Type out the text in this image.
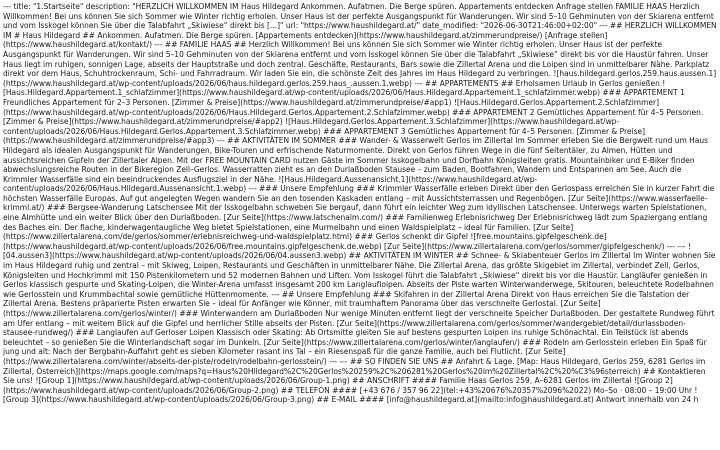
--- title: "1.Startseite" description: "HERZLICH WILLKOMMEN IM Haus Hildegard Ankommen. Aufatmen. Die Berge spüren. Appartements entdecken Anfrage stellen FAMILIE HAAS Herzlich Willkommen! Bei uns können Sie sich Sommer wie Winter richtig erholen. Unser Haus ist der perfekte Ausgangspunkt für Wanderungen. Wir sind 5–10 Gehminuten von der Skiarena entfernt und vom Isskogel können Sie über die Talabfahrt „Skiwiese“ direkt bis [...]" url: "https://www.haushildegard.at/" date_modified: "2026-06-30T21:46:00+02:00" --- ## HERZLICH WILLKOMMEN IM # Haus Hildegard ## Ankommen. Aufatmen. Die Berge spüren. [Appartements entdecken](https://www.haushildegard.at/zimmerundpreise/) [Anfrage stellen](https://www.haushildegard.at/kontakt/) --- ## FAMILIE HAAS ## Herzlich Willkommen! Bei uns können Sie sich Sommer wie Winter richtig erholen. Unser Haus ist der perfekte Ausgangspunkt für Wanderungen. Wir sind 5–10 Gehminuten von der Skiarena entfernt und vom Isskogel können Sie über die Talabfahrt „Skiwiese“ direkt bis vor die Haustür fahren. Unser Haus liegt im ruhigen, sonnigen Lage, abseits der Hauptstraße und doch zentral. Geschäfte, Restaurants, Bars sowie die Zillertal Arena und die Loipen sind in unmittelbarer Nähe. Parkplatz direkt vor dem Haus, Schuhtrockenraum, Schi- und Fahrradraum. Wir laden Sie ein, die schönste Zeit des Jahres im Haus Hildegard zu verbringen. ![haus.hildegard.gerlos.259.haus.aussen.1](https://www.haushildegard.at/wp-content/uploads/2026/06/haus.hildegard.gerlos.259.haus_.aussen.1.webp) --- ## APPARTEMENTS ## Erholsamen Urlaub in Gerlos genießen ![Haus.Hildegard.Appartement.1_schlafzimmer](https://www.haushildegard.at/wp-content/uploads/2026/06/Haus.Hildegard.Appartement.1_schlafzimmer.webp) ### APPARTEMENT 1 Freundliches Appartement für 2–3 Personen. [Zimmer & Preise](https://www.haushildegard.at/zimmerundpreise/#app1) ![Haus.Hildegard.Gerlos.Appartement.2.Schlafzimmer](https://www.haushildegard.at/wp-content/uploads/2026/06/Haus.Hildegard.Gerlos.Appartement.2.Schlafzimmer.webp) ### APPARTEMENT 2 Gemütliches Appartement für 4–5 Personen. [Zimmer & Preise](https://www.haushildegard.at/zimmerundpreise/#app2) ![Haus.Hildegard.Gerlos.Appartement.3.Schlafzimmer](https://www.haushildegard.at/wp-content/uploads/2026/06/Haus.Hildegard.Gerlos.Appartement.3.Schlafzimmer.webp) ### APPARTEMENT 3 Gemütliches Appartement für 4–5 Personen. [Zimmer & Preise](https://www.haushildegard.at/zimmerundpreise/#app3) --- ## AKTIVITÄTEN IM SOMMER ### Wander- & Wasserwelt Gerlos im Zillertal Im Sommer erleben Sie die Bergwelt rund um Haus Hildegard als idealen Ausgangspunkt für Wanderungen, Bike-Touren und erfrischende Naturmomente. Direkt von Gerlos führen Wege in die fünf Seitentäler, zu Almen, Hütten und aussichtsreichen Gipfeln der Zillertaler Alpen. Mit der FREE MOUNTAIN CARD nutzen Gäste im Sommer Isskogelbahn und Dorfbahn Königsleiten gratis. Mountainbiker und E-Biker finden abwechslungsreiche Routen in der Bikeregion Zell–Gerlos. Wasserratten zieht es an den Durlaßboden Stausee – zum Baden, Bootfahren, Wandern und Entspannen am See. Auch die Krimmler Wasserfälle sind ein beeindruckendes Ausflugsziel in der Nähe. ![Haus.Hildegard.Aussenansicht.1](https://www.haushildegard.at/wp-content/uploads/2026/06/Haus.Hildegard.Aussenansicht.1.webp) --- ### Unsere Empfehlung ### Krimmler Wasserfälle erleben Direkt über den Gerlospass erreichen Sie in kurzer Fahrt die höchsten Wasserfälle Europas. Auf gut angelegten Wegen wandern Sie an den tosenden Kaskaden entlang – mit Aussichtsterrassen und Regenbögen. [Zur Seite](https://www.wasserfaelle-krimml.at/) ### Bergsee-Wanderung Latschensee Mit der Isskogelbahn schweben Sie bergauf, dann führt ein leichter Weg zum idyllischen Latschensee. Unterwegs warten Spielstationen, eine Almhütte und ein weiter Blick über den Durlaßboden. [Zur Seite](https://www.latschenalm.com/) ### Familienweg Erlebnisrichweg Der Erlebnisrichweg lädt zum Spaziergang entlang des Baches ein. Der flache, kinderwagentaugliche Weg bietet Spielstationen, eine Murmelbahn und einen Waldspielplatz – ideal für Familien. [Zur Seite](https://www.zillertalarena.com/de/gerlos/sommer/erlebnisreichweg-und-waldspielplatz.html) ### Gerlos schenkt dir Gipfel ![free.mountains.gipfelgeschenk.de](https://www.haushildegard.at/wp-content/uploads/2026/06/free.mountains.gipfelgeschenk.de.webp) [Zur Seite](https://www.zillertalarena.com/gerlos/sommer/gipfelgeschenk/) --- --- ![04.aussen3](https://www.haushildegard.at/wp-content/uploads/2026/06/04.aussen3.webp) ## AKTIVITÄTEN IM WINTER ## Schnee- & Skiabenteuer Gerlos im Zillertal Im Winter wohnen Sie im Haus Hildegard ruhig und zentral – mit Skiweg, Loipen, Restaurants und Geschäften in unmittelbarer Nähe. Die Zillertal Arena, das größte Skigebiet im Zillertal, verbindet Zell, Gerlos, Königsleiten und Hochkrimml mit 150 Pistenkilometern und 52 modernen Bahnen und Liften. Vom Isskogel führt die Talabfahrt „Skiwiese“ direkt bis vor die Haustür. Langläufer genießen in Gerlos klassisch gespurte und Skating-Loipen, die Winter-Arena umfasst insgesamt 200 km Langlaufloipen. Abseits der Piste warten Winterwanderwege, Skitouren, beleuchtete Rodelbahnen wie Gerlosstein und Krummbachtal sowie gemütliche Hüttenmomente. --- ## Unsere Empfehlung ### Skifahren in der Zillertal Arena Direkt von Haus erreichen Sie die Talstation der Zillertal Arena. Bestens präparierte Pisten erwarten Sie – ideal für Anfänger wie Könner, mit traumhaftem Panorama über das verschneite Gerlostal. [Zur Seite](https://www.zillertalarena.com/gerlos/winter/) ### Winterwandern am Durlaßboden Nur wenige Minuten entfernt liegt der verschneite Speicher Durlaßboden. Der gestaltete Rundweg führt am Ufer entlang – mit weitem Blick auf die Gipfel und herrlicher Stille abseits der Pisten. [Zur Seite](https://www.zillertalarena.com/gerlos/sommer/wandergebiet/detail/durlassboden-stausee-rundweg/) ### Langlaufen auf Gerloser Loipen Klassisch oder Skating: Ab Ortsmitte gleiten Sie auf bestens gespurten Loipen ins ruhige Schönachtal. Ein Teilstück ist abends beleuchtet – so genießen Sie die Winterlandschaft sogar im Dunkeln. [Zur Seite](https://www.zillertalarena.com/gerlos/winter/langlaufen/) ### Rodeln am Gerlosstein erleben Ein Spaß für jung und alt: Nach der Bergbahn-Auffahrt geht es sieben Kilometer rasant ins Tal – ein Riesenspaß für die ganze Familie, auch bei Flutlicht. [Zur Seite](https://www.zillertalarena.com/winter/abseits-der-piste/rodeln/rodelbahn-gerlosstein/) --- --- ## SO FINDEN SIE UNS ## Anfahrt & Lage. [Map: Haus Hildegard, Gerlos 259, 6281 Gerlos im Zillertal, Österreich](https://maps.google.com/maps?q=Haus%20Hildegard%2C%20Gerlos%20259%2C%206281%20Gerlos%20im%20Zillertal%2C%20%C3%96sterreich) ## Kontaktieren Sie uns! ![Group 1](https://www.haushildegard.at/wp-content/uploads/2026/06/Group-1.png) ## ANSCHRIFT #### Familie Haas Gerlos 259, A–6281 Gerlos im Zillertal ![Group 2](https://www.haushildegard.at/wp-content/uploads/2026/06/Group-2.png) ## TELEFON #### [+43 676 / 357 96 22](tel:+43%20676%20357%2096%2022) Mo–So · 08:00 – 19:00 Uhr ![Group 3](https://www.haushildegard.at/wp-content/uploads/2026/06/Group-3.png) ## E-MAIL #### [info@haushildegard.at](mailto:info@haushildegard.at) Antwort innerhalb von 24 h
